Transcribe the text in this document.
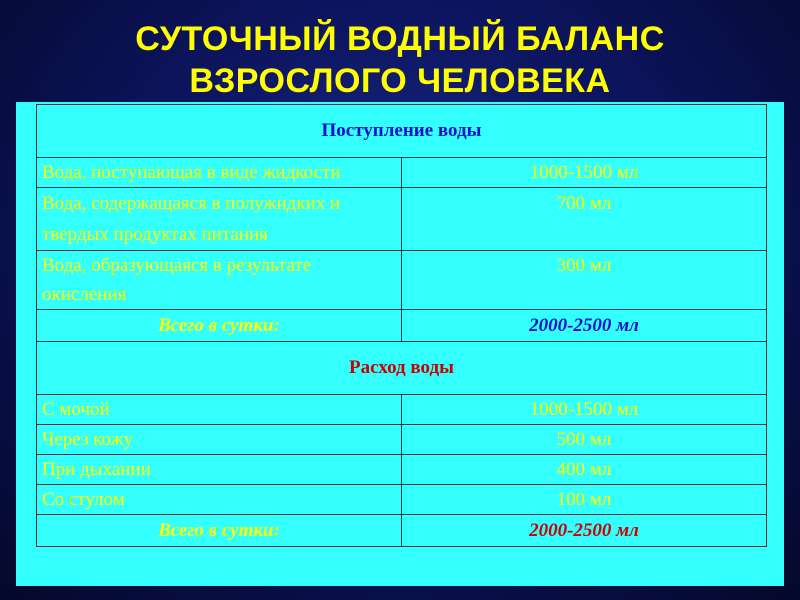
СУТОЧНЫЙ ВОДНЫЙ БАЛАНС
ВЗРОСЛОГО ЧЕЛОВЕКА
Поступление воды	
Вода, поступающая в виде жидкости	1000-1500 мл
Вода, содержащаяся в полужидких и твердых продуктах питания	700 мл
Вода, образующаяся в результате окисления	300 мл
Всего в сутки:	2000-2500 мл
Расход воды	
С мочой	1000-1500 мл
Через кожу	500 мл
При дыхании	400 мл
Со стулом	100 мл
Всего в сутки:	2000-2500 мл
